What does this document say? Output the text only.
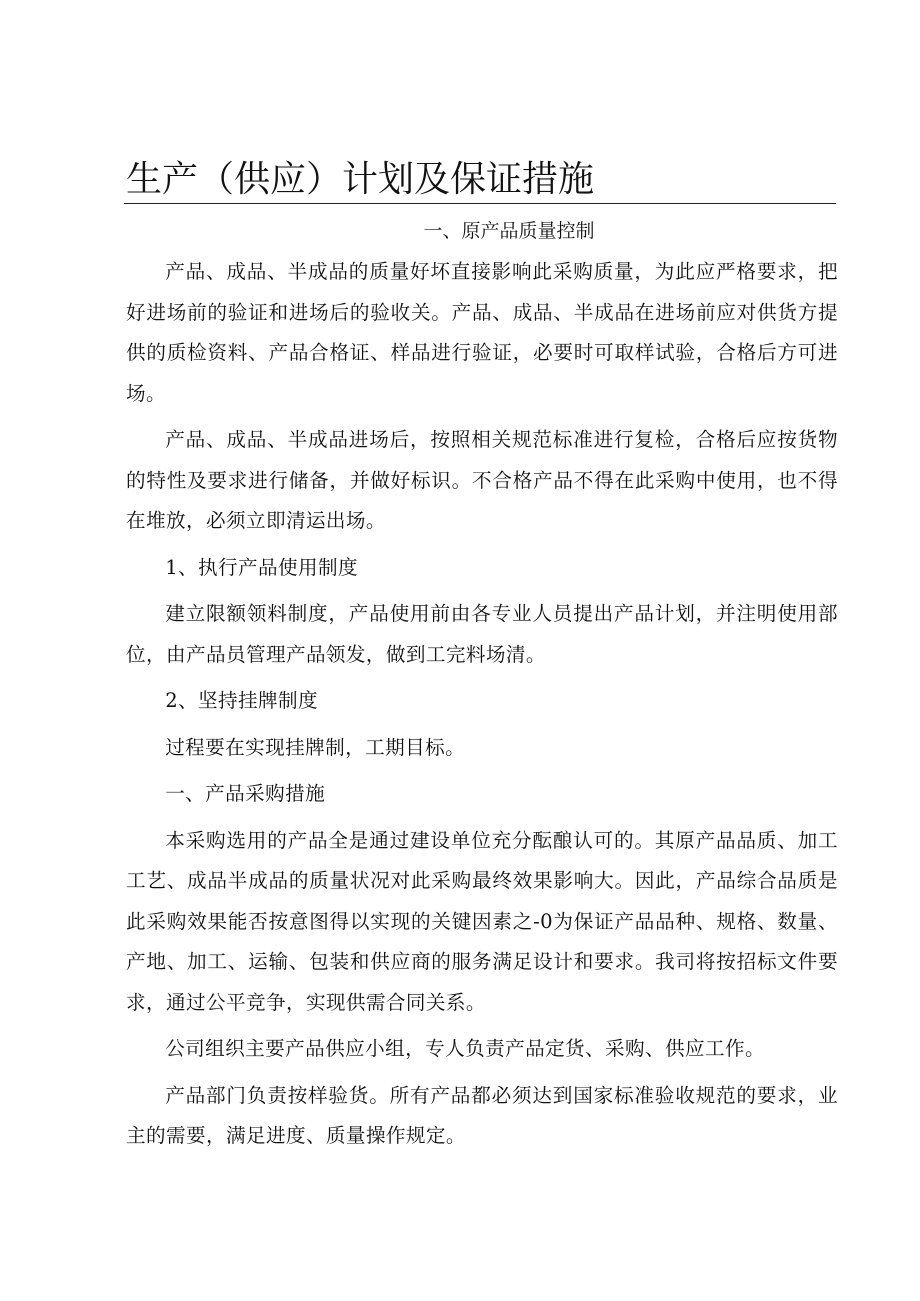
生产（供应）计划及保证措施

一、原产品质量控制

产品、成品、半成品的质量好坏直接影响此采购质量，为此应严格要求，把好进场前的验证和进场后的验收关。产品、成品、半成品在进场前应对供货方提供的质检资料、产品合格证、样品进行验证，必要时可取样试验，合格后方可进场。

产品、成品、半成品进场后，按照相关规范标准进行复检，合格后应按货物的特性及要求进行储备，并做好标识。不合格产品不得在此采购中使用，也不得在堆放，必须立即清运出场。

1、执行产品使用制度

建立限额领料制度，产品使用前由各专业人员提出产品计划，并注明使用部位，由产品员管理产品领发，做到工完料场清。

2、坚持挂牌制度

过程要在实现挂牌制，工期目标。

一、产品采购措施

本采购选用的产品全是通过建设单位充分酝酿认可的。其原产品品质、加工工艺、成品半成品的质量状况对此采购最终效果影响大。因此，产品综合品质是此采购效果能否按意图得以实现的关键因素之-0为保证产品品种、规格、数量、产地、加工、运输、包装和供应商的服务满足设计和要求。我司将按招标文件要求，通过公平竞争，实现供需合同关系。

公司组织主要产品供应小组，专人负责产品定货、采购、供应工作。

产品部门负责按样验货。所有产品都必须达到国家标准验收规范的要求，业主的需要，满足进度、质量操作规定。
